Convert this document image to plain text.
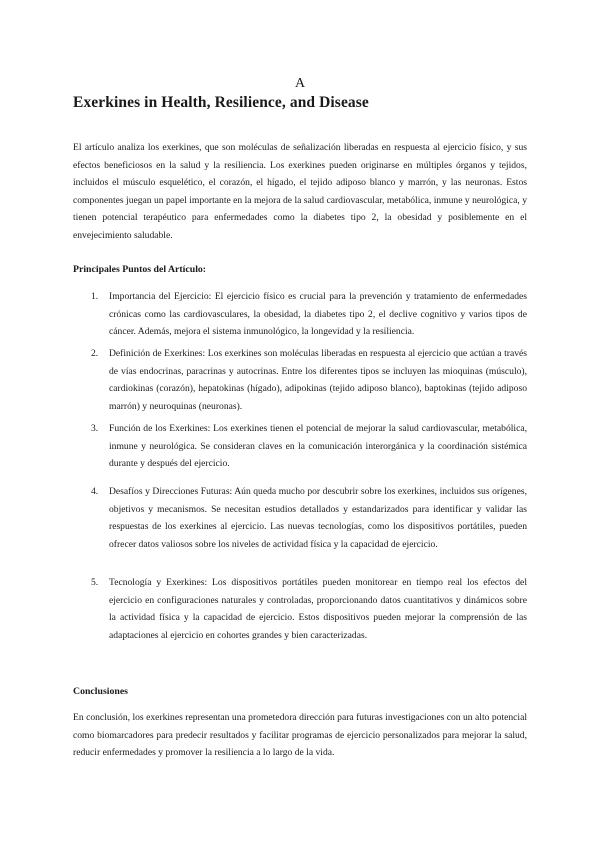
A
Exerkines in Health, Resilience, and Disease

El artículo analiza los exerkines, que son moléculas de señalización liberadas en respuesta al ejercicio físico, y sus efectos beneficiosos en la salud y la resiliencia. Los exerkines pueden originarse en múltiples órganos y tejidos, incluidos el músculo esquelético, el corazón, el hígado, el tejido adiposo blanco y marrón, y las neuronas. Estos componentes juegan un papel importante en la mejora de la salud cardiovascular, metabólica, inmune y neurológica, y tienen potencial terapéutico para enfermedades como la diabetes tipo 2, la obesidad y posiblemente en el envejecimiento saludable.

Principales Puntos del Artículo:
1. Importancia del Ejercicio: El ejercicio físico es crucial para la prevención y tratamiento de enfermedades crónicas como las cardiovasculares, la obesidad, la diabetes tipo 2, el declive cognitivo y varios tipos de cáncer. Además, mejora el sistema inmunológico, la longevidad y la resiliencia.

2. Definición de Exerkines: Los exerkines son moléculas liberadas en respuesta al ejercicio que actúan a través de vías endocrinas, paracrinas y autocrinas. Entre los diferentes tipos se incluyen las mioquinas (músculo), cardiokinas (corazón), hepatokinas (hígado), adipokinas (tejido adiposo blanco), baptokinas (tejido adiposo marrón) y neuroquinas (neuronas).

3. Función de los Exerkines: Los exerkines tienen el potencial de mejorar la salud cardiovascular, metabólica, inmune y neurológica. Se consideran claves en la comunicación interorgánica y la coordinación sistémica durante y después del ejercicio.

4. Desafíos y Direcciones Futuras: Aún queda mucho por descubrir sobre los exerkines, incluidos sus orígenes, objetivos y mecanismos. Se necesitan estudios detallados y estandarizados para identificar y validar las respuestas de los exerkines al ejercicio. Las nuevas tecnologías, como los dispositivos portátiles, pueden ofrecer datos valiosos sobre los niveles de actividad física y la capacidad de ejercicio.

5. Tecnología y Exerkines: Los dispositivos portátiles pueden monitorear en tiempo real los efectos del ejercicio en configuraciones naturales y controladas, proporcionando datos cuantitativos y dinámicos sobre la actividad física y la capacidad de ejercicio. Estos dispositivos pueden mejorar la comprensión de las adaptaciones al ejercicio en cohortes grandes y bien caracterizadas.

Conclusiones

En conclusión, los exerkines representan una prometedora dirección para futuras investigaciones con un alto potencial como biomarcadores para predecir resultados y facilitar programas de ejercicio personalizados para mejorar la salud, reducir enfermedades y promover la resiliencia a lo largo de la vida.
